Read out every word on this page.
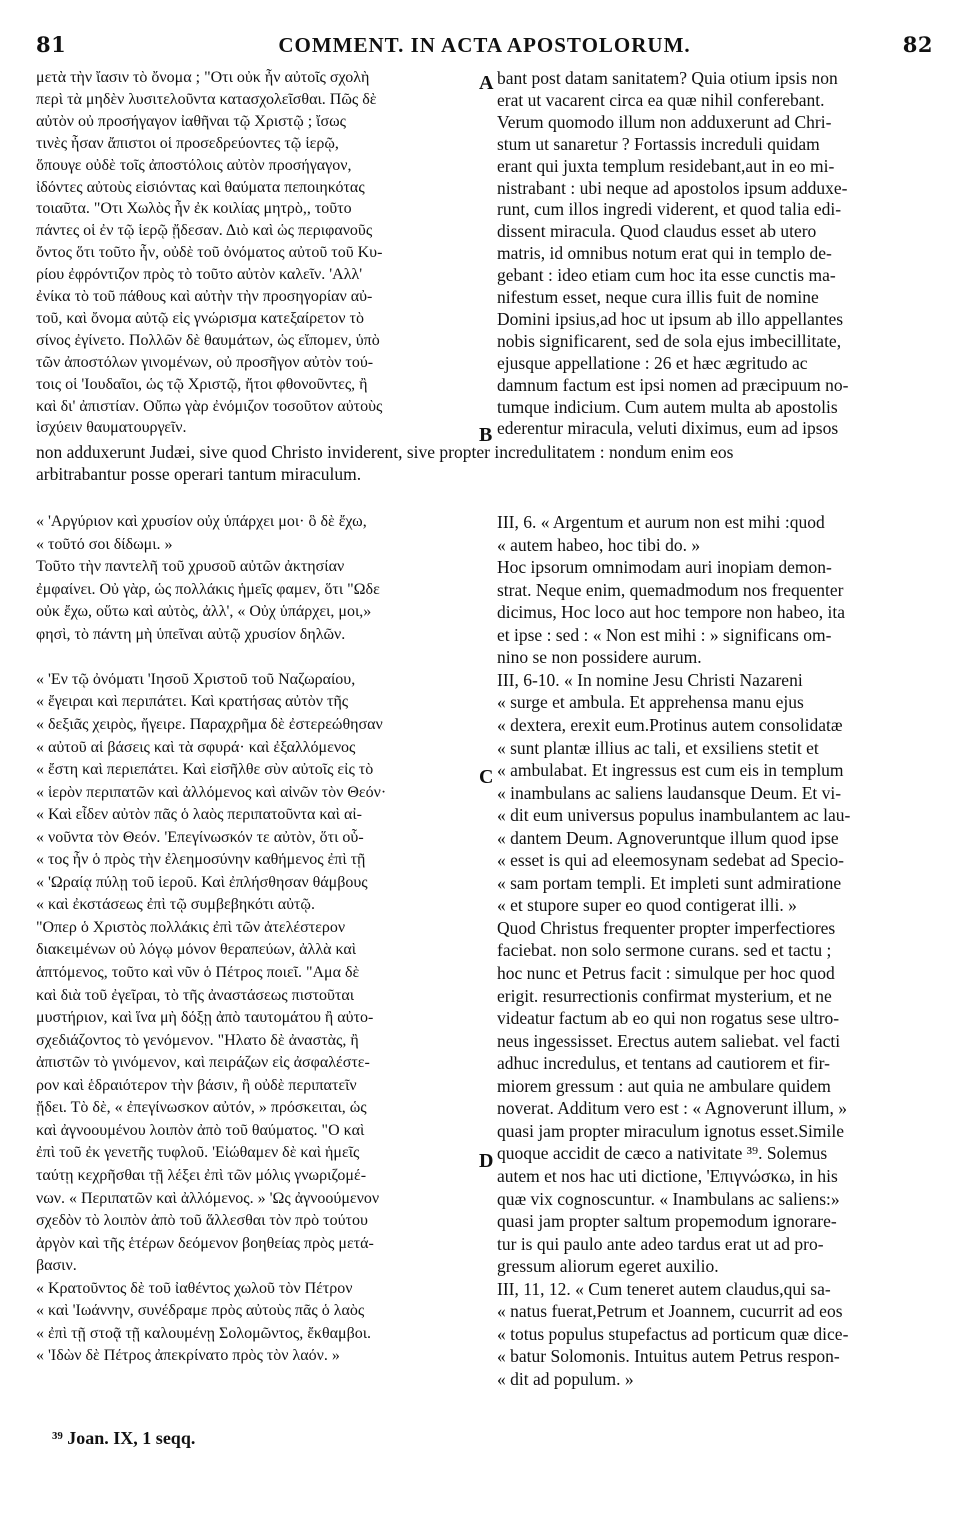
81	COMMENT. IN ACTA APOSTOLORUM.	82
μετὰ τὴν ἴασιν τὸ ὄνομα ; "Οτι οὐκ ἦν αὐτοῖς σχολὴ
περὶ τὰ μηδὲν λυσιτελοῦντα κατασχολεῖσθαι. Πῶς δὲ
αὐτὸν οὐ προσήγαγον ἰαθῆναι τῷ Χριστῷ ; ἴσως
τινὲς ἦσαν ἄπιστοι οἱ προσεδρεύοντες τῷ ἱερῷ,
ὅπουγε οὐδὲ τοῖς ἀποστόλοις αὐτὸν προσήγαγον,
ἰδόντες αὐτοὺς εἰσιόντας καὶ θαύματα πεποιηκότας
τοιαῦτα. "Οτι Χωλὸς ἦν ἐκ κοιλίας μητρὸ,, τοῦτο
πάντες οἱ ἐν τῷ ἱερῷ ᾔδεσαν. Διὸ καὶ ὡς περιφανοῦς
ὄντος ὅτι τοῦτο ἦν, οὐδὲ τοῦ ὀνόματος αὐτοῦ τοῦ Κυ-
ρίου ἐφρόντιζον πρὸς τὸ τοῦτο αὐτὸν καλεῖν. 'Αλλ'
ἐνίκα τὸ τοῦ πάθους καὶ αὐτὴν τὴν προσηγορίαν αὐ-
τοῦ, καὶ ὄνομα αὐτῷ εἰς γνώρισμα κατεξαίρετον τὸ
σίνος ἐγίνετο. Πολλῶν δὲ θαυμάτων, ὡς εἴπομεν, ὑπὸ
τῶν ἀποστόλων γινομένων, οὐ προσῆγον αὐτὸν τού-
τοις οἱ 'Ιουδαῖοι, ὡς τῷ Χριστῷ, ἤτοι φθονοῦντες, ἢ
καὶ δι' ἀπιστίαν. Οὔπω γὰρ ἐνόμιζον τοσοῦτον αὐτοὺς
ἰσχύειν θαυματουργεῖν.
bant post datam sanitatem? Quia otium ipsis non
erat ut vacarent circa ea quæ nihil conferebant.
Verum quomodo illum non adduxerunt ad Chri-
stum ut sanaretur ? Fortassis increduli quidam
erant qui juxta templum residebant,aut in eo mi-
nistrabant : ubi neque ad apostolos ipsum adduxe-
runt, cum illos ingredi viderent, et quod talia edi-
dissent miracula. Quod claudus esset ab utero
matris, id omnibus notum erat qui in templo de-
gebant : ideo etiam cum hoc ita esse cunctis ma-
nifestum esset, neque cura illis fuit de nomine
Domini ipsius,ad hoc ut ipsum ab illo appellantes
nobis significarent, sed de sola ejus imbecillitate,
ejusque appellatione : 26 et hæc ægritudo ac
damnum factum est ipsi nomen ad præcipuum no-
tumque indicium. Cum autem multa ab apostolis
ederentur miracula, veluti diximus, eum ad ipsos
non adduxerunt Judæi, sive quod Christo inviderent, sive propter incredulitatem : nondum enim eos
arbitrabantur posse operari tantum miraculum.
« 'Αργύριον καὶ χρυσίον οὐχ ὑπάρχει μοι· ὃ δὲ ἔχω,
« τοῦτό σοι δίδωμι. »
Τοῦτο τὴν παντελῆ τοῦ χρυσοῦ αὐτῶν ἀκτησίαν
ἐμφαίνει. Οὐ γὰρ, ὡς πολλάκις ἡμεῖς φαμεν, ὅτι "Ωδε
οὐκ ἔχω, οὕτω καὶ αὐτὸς, ἀλλ', « Οὐχ ὑπάρχει, μοι,»
φησὶ, τὸ πάντη μὴ ὑπεῖναι αὐτῷ χρυσίον δηλῶν.
« 'Εν τῷ ὀνόματι 'Ιησοῦ Χριστοῦ τοῦ Ναζωραίου,
« ἔγειραι καὶ περιπάτει. Καὶ κρατήσας αὐτὸν τῆς
« δεξιᾶς χειρὸς, ἤγειρε. Παραχρῆμα δὲ ἐστερεώθησαν
« αὐτοῦ αἱ βάσεις καὶ τὰ σφυρά· καὶ ἐξαλλόμενος
« ἔστη καὶ περιεπάτει. Καὶ εἰσῆλθε σὺν αὐτοῖς εἰς τὸ
« ἱερὸν περιπατῶν καὶ ἀλλόμενος καὶ αἰνῶν τὸν Θεόν·
« Καὶ εἶδεν αὐτὸν πᾶς ὁ λαὸς περιπατοῦντα καὶ αἰ-
« νοῦντα τὸν Θεόν. 'Επεγίνωσκόν τε αὐτὸν, ὅτι οὗ-
« τος ἦν ὁ πρὸς τὴν ἐλεημοσύνην καθήμενος ἐπὶ τῇ
« 'Ωραίᾳ πύλῃ τοῦ ἱεροῦ. Καὶ ἐπλήσθησαν θάμβους
« καὶ ἐκστάσεως ἐπὶ τῷ συμβεβηκότι αὐτῷ.
"Οπερ ὁ Χριστὸς πολλάκις ἐπὶ τῶν ἀτελέστερον
διακειμένων οὐ λόγῳ μόνον θεραπεύων, ἀλλὰ καὶ
ἁπτόμενος, τοῦτο καὶ νῦν ὁ Πέτρος ποιεῖ. "Αμα δὲ
καὶ διὰ τοῦ ἐγεῖραι, τὸ τῆς ἀναστάσεως πιστοῦται
μυστήριον, καὶ ἵνα μὴ δόξῃ ἀπὸ ταυτομάτου ἢ αὐτο-
σχεδιάζοντος τὸ γενόμενον. "Ηλατο δὲ ἀναστὰς, ἢ
ἀπιστῶν τὸ γινόμενον, καὶ πειράζων εἰς ἀσφαλέστε-
ρον καὶ ἑδραιότερον τὴν βάσιν, ἢ οὐδὲ περιπατεῖν
ᾔδει. Τὸ δὲ, « ἐπεγίνωσκον αὐτόν, » πρόσκειται, ὡς
καὶ ἀγνοουμένου λοιπὸν ἀπὸ τοῦ θαύματος. "Ο καὶ
ἐπὶ τοῦ ἐκ γενετῆς τυφλοῦ. 'Εἰώθαμεν δὲ καὶ ἡμεῖς
ταύτῃ κεχρῆσθαι τῇ λέξει ἐπὶ τῶν μόλις γνωριζομέ-
νων. « Περιπατῶν καὶ ἀλλόμενος. » 'Ως ἀγνοούμενον
σχεδὸν τὸ λοιπὸν ἀπὸ τοῦ ἅλλεσθαι τὸν πρὸ τούτου
ἀργὸν καὶ τῆς ἑτέρων δεόμενον βοηθείας πρὸς μετά-
βασιν.
« Κρατοῦντος δὲ τοῦ ἰαθέντος χωλοῦ τὸν Πέτρον
« καὶ 'Ιωάννην, συνέδραμε πρὸς αὐτοὺς πᾶς ὁ λαὸς
« ἐπὶ τῇ στοᾷ τῇ καλουμένῃ Σολομῶντος, ἔκθαμβοι.
« 'Ιδὼν δὲ Πέτρος ἀπεκρίνατο πρὸς τὸν λαόν. »
III, 6. « Argentum et aurum non est mihi :quod
« autem habeo, hoc tibi do. »
Hoc ipsorum omnimodam auri inopiam demon-
strat. Neque enim, quemadmodum nos frequenter
dicimus, Hoc loco aut hoc tempore non habeo, ita
et ipse : sed : « Non est mihi : » significans om-
nino se non possidere aurum.
III, 6-10. « In nomine Jesu Christi Nazareni
« surge et ambula. Et apprehensa manu ejus
« dextera, erexit eum.Protinus autem consolidatæ
« sunt plantæ illius ac tali, et exsiliens stetit et
« ambulabat. Et ingressus est cum eis in templum
« inambulans ac saliens laudansque Deum. Et vi-
« dit eum universus populus inambulantem ac lau-
« dantem Deum. Agnoveruntque illum quod ipse
« esset is qui ad eleemosynam sedebat ad Specio-
« sam portam templi. Et impleti sunt admiratione
« et stupore super eo quod contigerat illi. »
Quod Christus frequenter propter imperfectiores
faciebat. non solo sermone curans. sed et tactu ;
hoc nunc et Petrus facit : simulque per hoc quod
erigit. resurrectionis confirmat mysterium, et ne
videatur factum ab eo qui non rogatus sese ultro-
neus ingessisset. Erectus autem saliebat. vel facti
adhuc incredulus, et tentans ad cautiorem et fir-
miorem gressum : aut quia ne ambulare quidem
noverat. Additum vero est : « Agnoverunt illum, »
quasi jam propter miraculum ignotus esset.Simile
quoque accidit de cæco a nativitate ³⁹. Solemus
autem et nos hac uti dictione, 'Επιγνώσκω, in his
quæ vix cognoscuntur. « Inambulans ac saliens:»
quasi jam propter saltum propemodum ignorare-
tur is qui paulo ante adeo tardus erat ut ad pro-
gressum aliorum egeret auxilio.
III, 11, 12. « Cum teneret autem claudus,qui sa-
« natus fuerat,Petrum et Joannem, cucurrit ad eos
« totus populus stupefactus ad porticum quæ dice-
« batur Solomonis. Intuitus autem Petrus respon-
« dit ad populum. »
A
B
C
D
³⁹ Joan. IX, 1 seqq.
